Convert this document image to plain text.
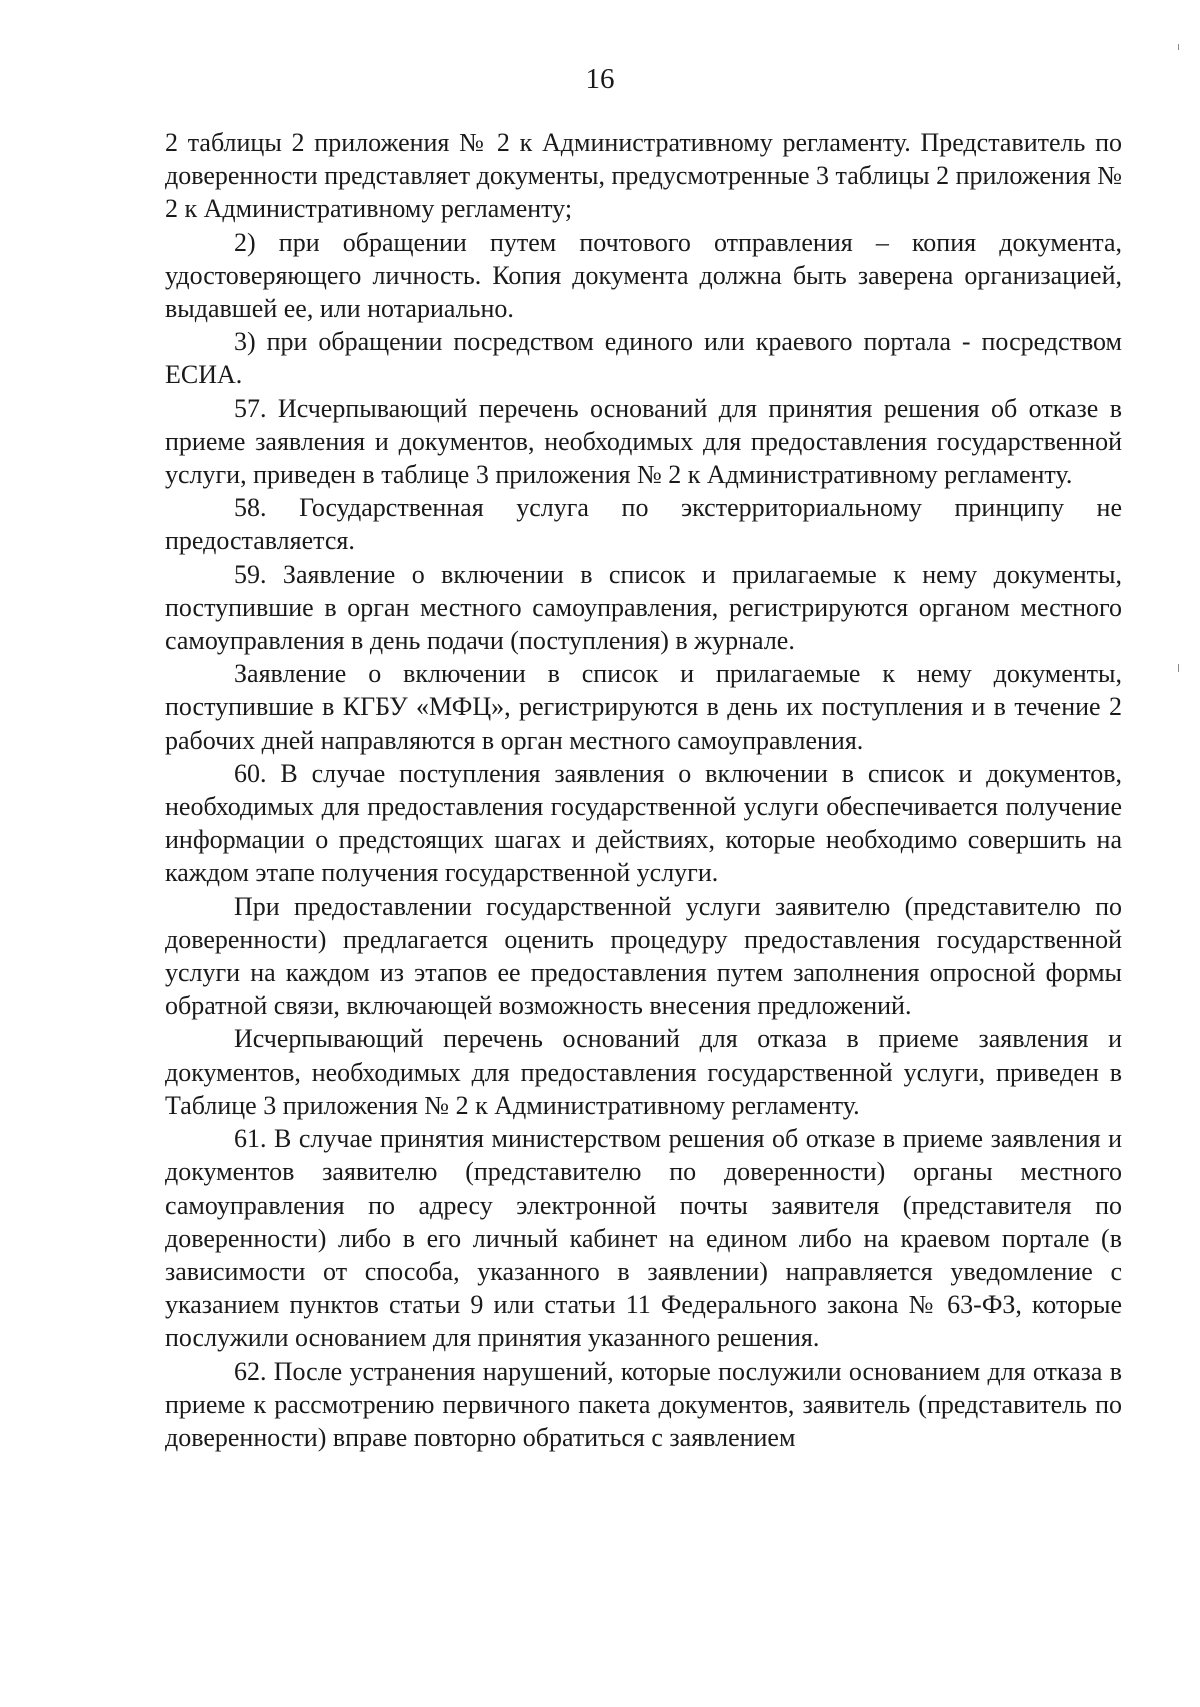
16

2 таблицы 2 приложения № 2 к Административному регламенту. Представитель по доверенности представляет документы, предусмотренные 3 таблицы 2 приложения № 2 к Административному регламенту;

2) при обращении путем почтового отправления – копия документа, удостоверяющего личность. Копия документа должна быть заверена организацией, выдавшей ее, или нотариально.

3) при обращении посредством единого или краевого портала - посредством ЕСИА.

57. Исчерпывающий перечень оснований для принятия решения об отказе в приеме заявления и документов, необходимых для предоставления государственной услуги, приведен в таблице 3 приложения № 2 к Административному регламенту.

58. Государственная услуга по экстерриториальному принципу не предоставляется.

59. Заявление о включении в список и прилагаемые к нему документы, поступившие в орган местного самоуправления, регистрируются органом местного самоуправления в день подачи (поступления) в журнале.

Заявление о включении в список и прилагаемые к нему документы, поступившие в КГБУ «МФЦ», регистрируются в день их поступления и в течение 2 рабочих дней направляются в орган местного самоуправления.

60. В случае поступления заявления о включении в список и документов, необходимых для предоставления государственной услуги обеспечивается получение информации о предстоящих шагах и действиях, которые необходимо совершить на каждом этапе получения государственной услуги.

При предоставлении государственной услуги заявителю (представителю по доверенности) предлагается оценить процедуру предоставления государственной услуги на каждом из этапов ее предоставления путем заполнения опросной формы обратной связи, включающей возможность внесения предложений.

Исчерпывающий перечень оснований для отказа в приеме заявления и документов, необходимых для предоставления государственной услуги, приведен в Таблице 3 приложения № 2 к Административному регламенту.

61. В случае принятия министерством решения об отказе в приеме заявления и документов заявителю (представителю по доверенности) органы местного самоуправления по адресу электронной почты заявителя (представителя по доверенности) либо в его личный кабинет на едином либо на краевом портале (в зависимости от способа, указанного в заявлении) направляется уведомление с указанием пунктов статьи 9 или статьи 11 Федерального закона № 63-ФЗ, которые послужили основанием для принятия указанного решения.

62. После устранения нарушений, которые послужили основанием для отказа в приеме к рассмотрению первичного пакета документов, заявитель (представитель по доверенности) вправе повторно обратиться с заявлением
